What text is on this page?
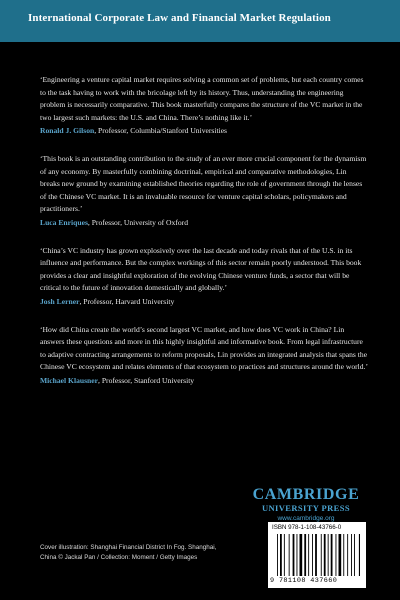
International Corporate Law and Financial Market Regulation

‘Engineering a venture capital market requires solving a common set of problems, but each country comes to the task having to work with the bricolage left by its history. Thus, understanding the engineering problem is necessarily comparative. This book masterfully compares the structure of the VC market in the two largest such markets: the U.S. and China. There’s nothing like it.’

Ronald J. Gilson, Professor, Columbia/Stanford Universities

‘This book is an outstanding contribution to the study of an ever more crucial component for the dynamism of any economy. By masterfully combining doctrinal, empirical and comparative methodologies, Lin breaks new ground by examining established theories regarding the role of government through the lenses of the Chinese VC market. It is an invaluable resource for venture capital scholars, policymakers and practitioners.’

Luca Enriques, Professor, University of Oxford

‘China’s VC industry has grown explosively over the last decade and today rivals that of the U.S. in its influence and performance. But the complex workings of this sector remain poorly understood. This book provides a clear and insightful exploration of the evolving Chinese venture funds, a sector that will be critical to the future of innovation domestically and globally.’

Josh Lerner, Professor, Harvard University

‘How did China create the world’s second largest VC market, and how does VC work in China? Lin answers these questions and more in this highly insightful and informative book. From legal infrastructure to adaptive contracting arrangements to reform proposals, Lin provides an integrated analysis that spans the Chinese VC ecosystem and relates elements of that ecosystem to practices and structures around the world.’

Michael Klausner, Professor, Stanford University
CAMBRIDGE
UNIVERSITY PRESS
www.cambridge.org
ISBN 978-1-108-43766-0
9 781108 437660
Cover illustration: Shanghai Financial District In Fog. Shanghai, China © Jackal Pan / Collection: Moment / Getty Images
